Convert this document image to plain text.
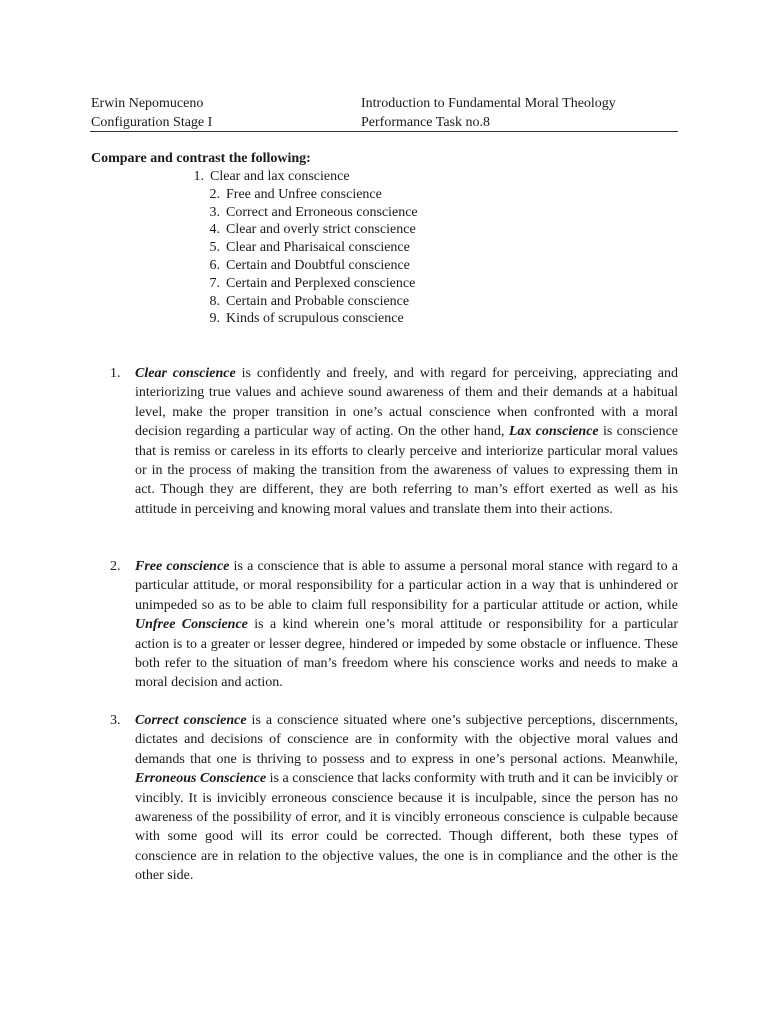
Erwin Nepomuceno
Configuration Stage I
Introduction to Fundamental Moral Theology
Performance Task no.8
Compare and contrast the following:
1. Clear and lax conscience
2. Free and Unfree conscience
3. Correct and Erroneous conscience
4. Clear and overly strict conscience
5. Clear and Pharisaical conscience
6. Certain and Doubtful conscience
7. Certain and Perplexed conscience
8. Certain and Probable conscience
9. Kinds of scrupulous conscience
1. Clear conscience is confidently and freely, and with regard for perceiving, appreciating and interiorizing true values and achieve sound awareness of them and their demands at a habitual level, make the proper transition in one’s actual conscience when confronted with a moral decision regarding a particular way of acting. On the other hand, Lax conscience is conscience that is remiss or careless in its efforts to clearly perceive and interiorize particular moral values or in the process of making the transition from the awareness of values to expressing them in act. Though they are different, they are both referring to man’s effort exerted as well as his attitude in perceiving and knowing moral values and translate them into their actions.
2. Free conscience is a conscience that is able to assume a personal moral stance with regard to a particular attitude, or moral responsibility for a particular action in a way that is unhindered or unimpeded so as to be able to claim full responsibility for a particular attitude or action, while Unfree Conscience is a kind wherein one’s moral attitude or responsibility for a particular action is to a greater or lesser degree, hindered or impeded by some obstacle or influence. These both refer to the situation of man’s freedom where his conscience works and needs to make a moral decision and action.
3. Correct conscience is a conscience situated where one’s subjective perceptions, discernments, dictates and decisions of conscience are in conformity with the objective moral values and demands that one is thriving to possess and to express in one’s personal actions. Meanwhile, Erroneous Conscience is a conscience that lacks conformity with truth and it can be invicibly or vincibly. It is invicibly erroneous conscience because it is inculpable, since the person has no awareness of the possibility of error, and it is vincibly erroneous conscience is culpable because with some good will its error could be corrected. Though different, both these types of conscience are in relation to the objective values, the one is in compliance and the other is the other side.
